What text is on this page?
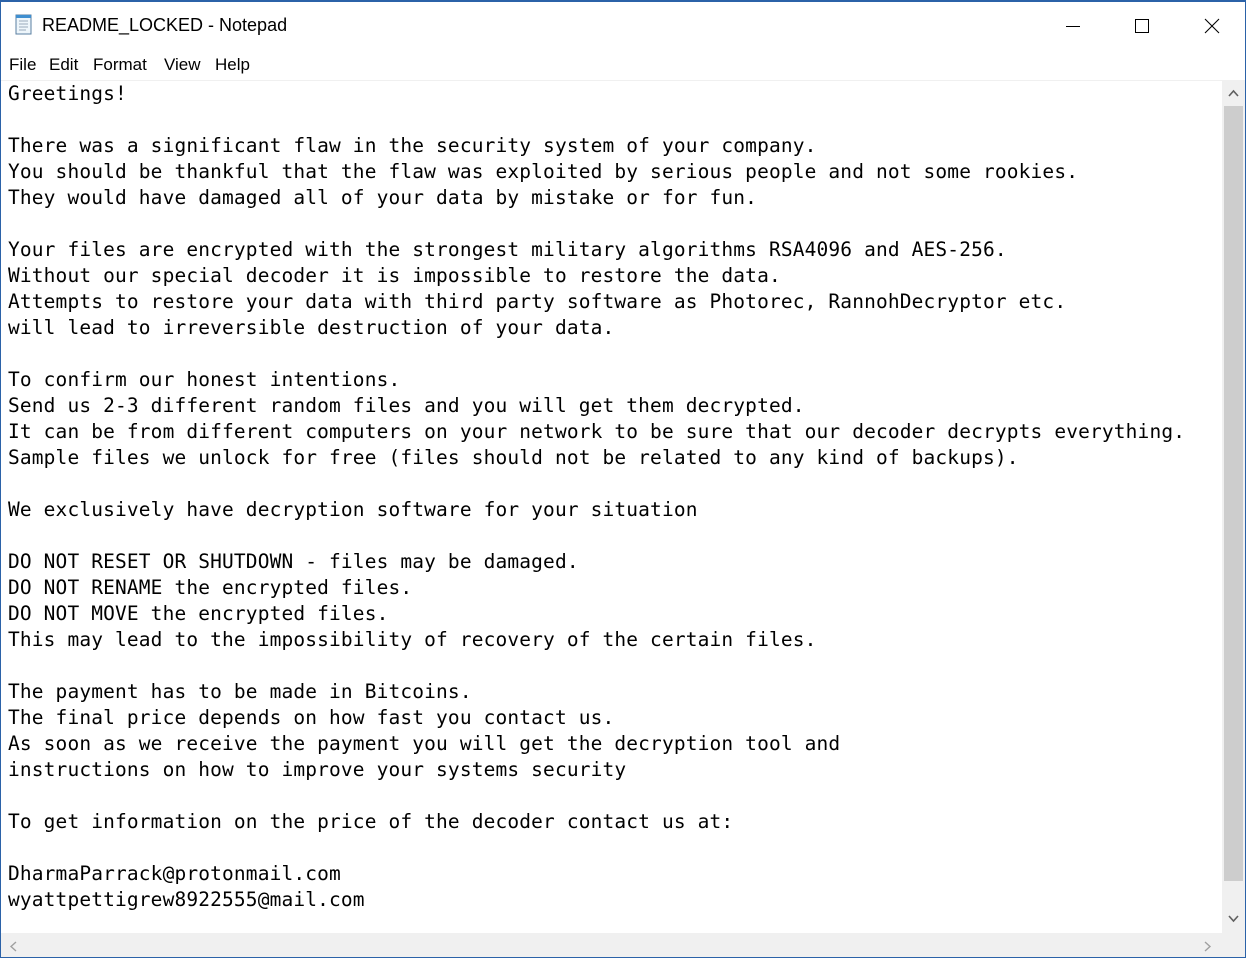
README_LOCKED - Notepad
File Edit Format View Help
Greetings!
There was a significant flaw in the security system of your company.
You should be thankful that the flaw was exploited by serious people and not some rookies.
They would have damaged all of your data by mistake or for fun.
Your files are encrypted with the strongest military algorithms RSA4096 and AES-256.
Without our special decoder it is impossible to restore the data.
Attempts to restore your data with third party software as Photorec, RannohDecryptor etc.
will lead to irreversible destruction of your data.
To confirm our honest intentions.
Send us 2-3 different random files and you will get them decrypted.
It can be from different computers on your network to be sure that our decoder decrypts everything.
Sample files we unlock for free (files should not be related to any kind of backups).
We exclusively have decryption software for your situation
DO NOT RESET OR SHUTDOWN - files may be damaged.
DO NOT RENAME the encrypted files.
DO NOT MOVE the encrypted files.
This may lead to the impossibility of recovery of the certain files.
The payment has to be made in Bitcoins.
The final price depends on how fast you contact us.
As soon as we receive the payment you will get the decryption tool and
instructions on how to improve your systems security
To get information on the price of the decoder contact us at:
DharmaParrack@protonmail.com
wyattpettigrew8922555@mail.com
